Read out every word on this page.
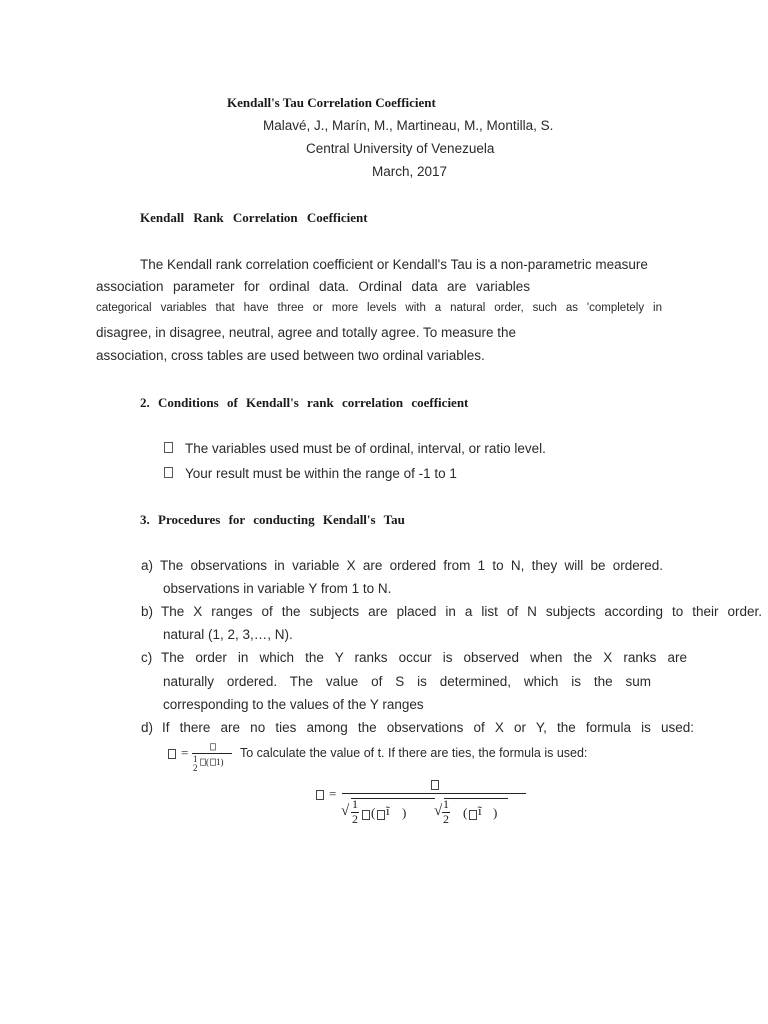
Kendall's Tau Correlation Coefficient
Malavé, J., Marín, M., Martineau, M., Montilla, S.
Central University of Venezuela
March, 2017
Kendall Rank Correlation Coefficient
The Kendall rank correlation coefficient or Kendall's Tau is a non-parametric measure
association parameter for ordinal data. Ordinal data are variables
categorical variables that have three or more levels with a natural order, such as 'completely in
disagree, in disagree, neutral, agree and totally agree. To measure the
association, cross tables are used between two ordinal variables.
2. Conditions of Kendall's rank correlation coefficient
The variables used must be of ordinal, interval, or ratio level.
Your result must be within the range of -1 to 1
3. Procedures for conducting Kendall's Tau
a) The observations in variable X are ordered from 1 to N, they will be ordered.
observations in variable Y from 1 to N.
b) The X ranges of the subjects are placed in a list of N subjects according to their order.
natural (1, 2, 3,…, N).
c) The order in which the Y ranks occur is observed when the X ranks are
naturally ordered. The value of S is determined, which is the sum
corresponding to the values of the Y ranges
d) If there are no ties among the observations of X or Y, the formula is used:
= 1
2
( 1)
To calculate the value of t. If there are ties, the formula is used:
=
√ 1
2 ( ĩ ) √ 1
2 ( ĩ )
